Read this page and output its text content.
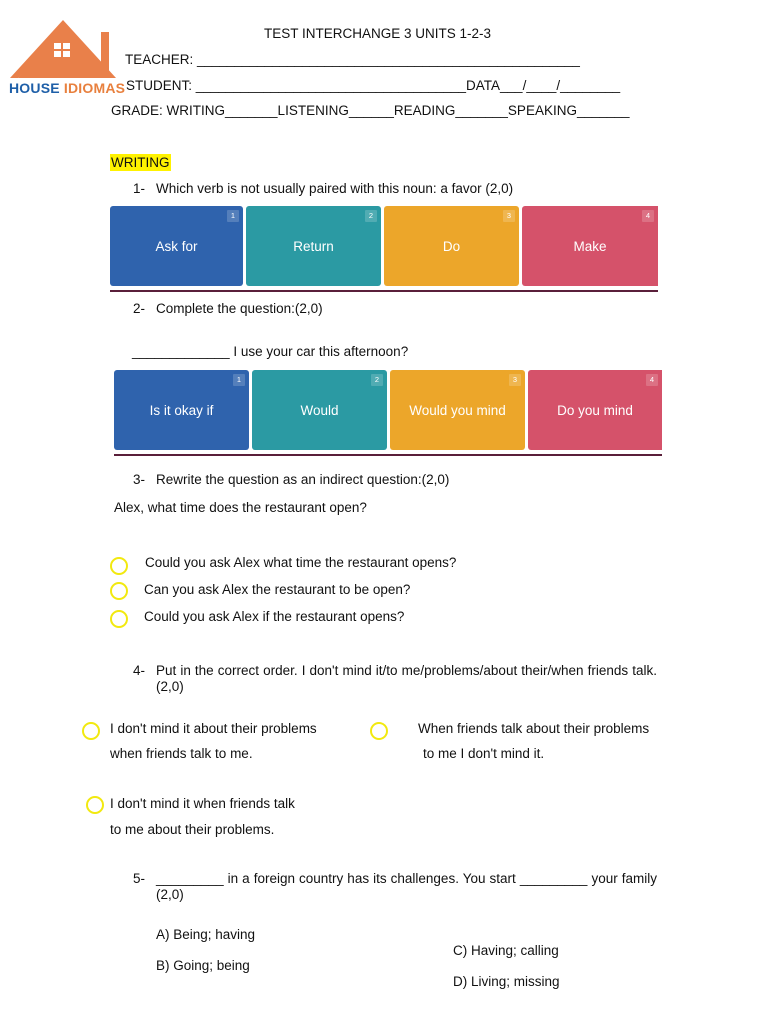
HOUSE IDIOMAS
TEST INTERCHANGE 3 UNITS 1-2-3
TEACHER: ___________________________________________________
STUDENT: ____________________________________DATA___/____/________
GRADE: WRITING_______LISTENING______READING_______SPEAKING_______
WRITING
1- Which verb is not usually paired with this noun: a favor (2,0)
1
Ask for
2
Return
3
Do
4
Make
2- Complete the question:(2,0)
_____________ I use your car this afternoon?
1
Is it okay if
2
Would
3
Would you mind
4
Do you mind
3- Rewrite the question as an indirect question:(2,0)
Alex, what time does the restaurant open?
Could you ask Alex what time the restaurant opens?
Can you ask Alex the restaurant to be open?
Could you ask Alex if the restaurant opens?
4- Put in the correct order. I don't mind it/to me/problems/about their/when friends talk.(2,0)
I don't mind it about their problems
when friends talk to me.
When friends talk about their problems
to me I don't mind it.
I don't mind it when friends talk
to me about their problems.
5- _________ in a foreign country has its challenges. You start _________ your family (2,0)
A) Being; having
B) Going; being
C) Having; calling
D) Living; missing
